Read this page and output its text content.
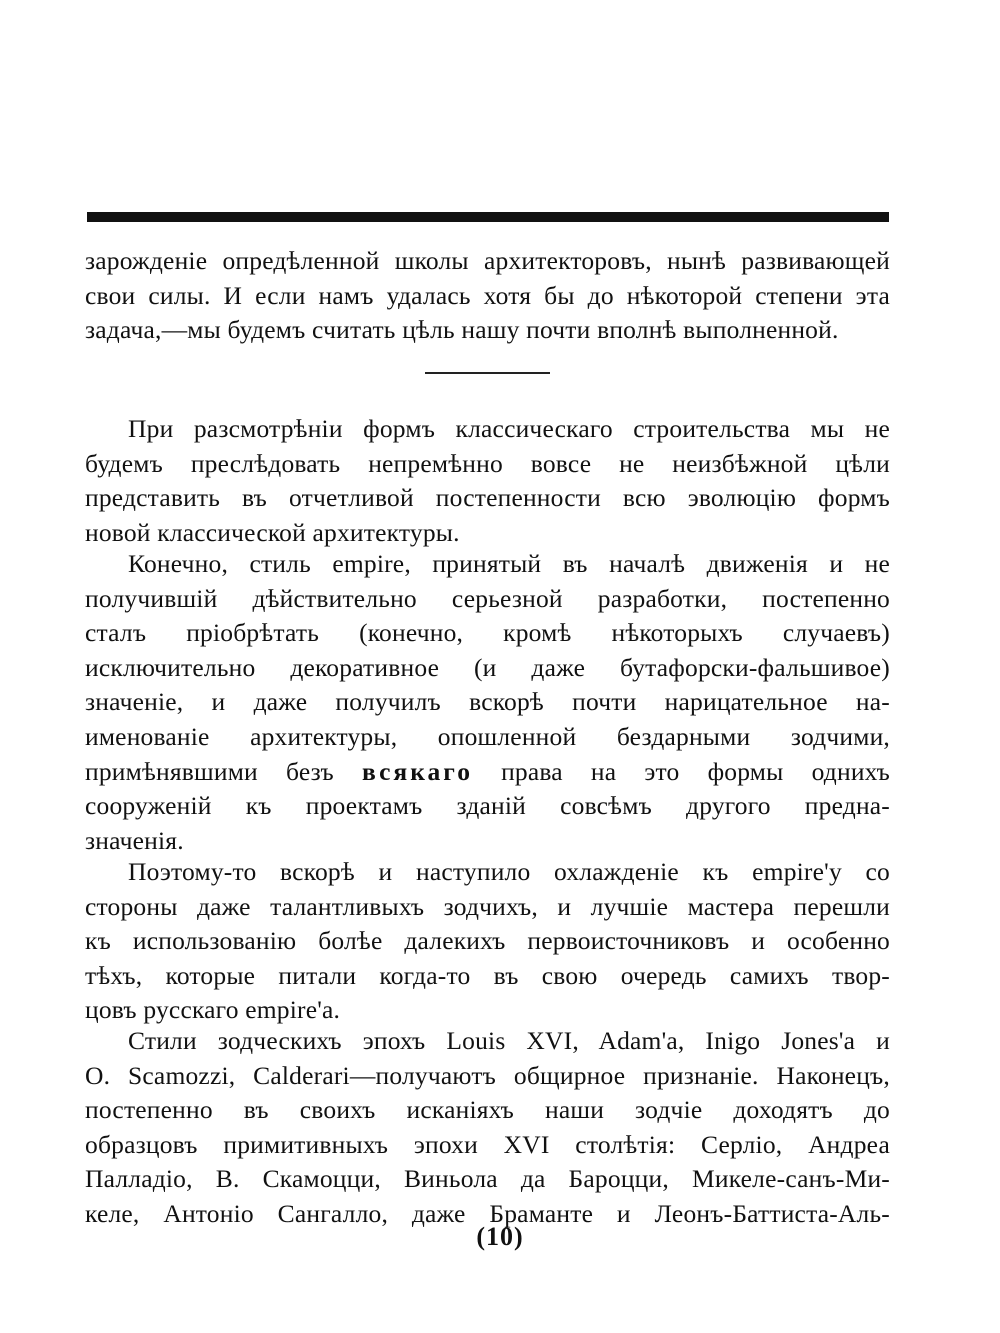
зарожденіе опредѣленной школы архитекторовъ, нынѣ развивающей
свои силы. И если намъ удалась хотя бы до нѣкоторой степени эта
задача,—мы будемъ считать цѣль нашу почти вполнѣ выполненной.
При разсмотрѣніи формъ классическаго строительства мы не
будемъ преслѣдовать непремѣнно вовсе не неизбѣжной цѣли
представить въ отчетливой постепенности всю эволюцію формъ
новой классической архитектуры.
Конечно, стиль empire, принятый въ началѣ движенія и не
получившій дѣйствительно серьезной разработки, постепенно
сталъ пріобрѣтать (конечно, кромѣ нѣкоторыхъ случаевъ)
исключительно декоративное (и даже бутафорски-фальшивое)
значеніе, и даже получилъ вскорѣ почти нарицательное на-
именованіе архитектуры, опошленной бездарными зодчими,
примѣнявшими безъ всякаго права на это формы однихъ
сооруженій къ проектамъ зданій совсѣмъ другого предна-
значенія.
Поэтому-то вскорѣ и наступило охлажденіе къ empire'у со
стороны даже талантливыхъ зодчихъ, и лучшіе мастера перешли
къ использованію болѣе далекихъ первоисточниковъ и особенно
тѣхъ, которые питали когда-то въ свою очередь самихъ твор-
цовъ русскаго empire'а.
Стили зодческихъ эпохъ Louis XVI, Adam'а, Inigo Jones'а и
O. Scamozzi, Calderari—получаютъ общирное признаніе. Наконецъ,
постепенно въ своихъ исканіяхъ наши зодчіе доходятъ до
образцовъ примитивныхъ эпохи XVI столѣтія: Серліо, Андреа
Палладіо, В. Скамоцци, Виньола да Бароцци, Микеле-санъ-Ми-
келе, Антоніо Сангалло, даже Браманте и Леонъ-Баттиста-Аль-
(10)
